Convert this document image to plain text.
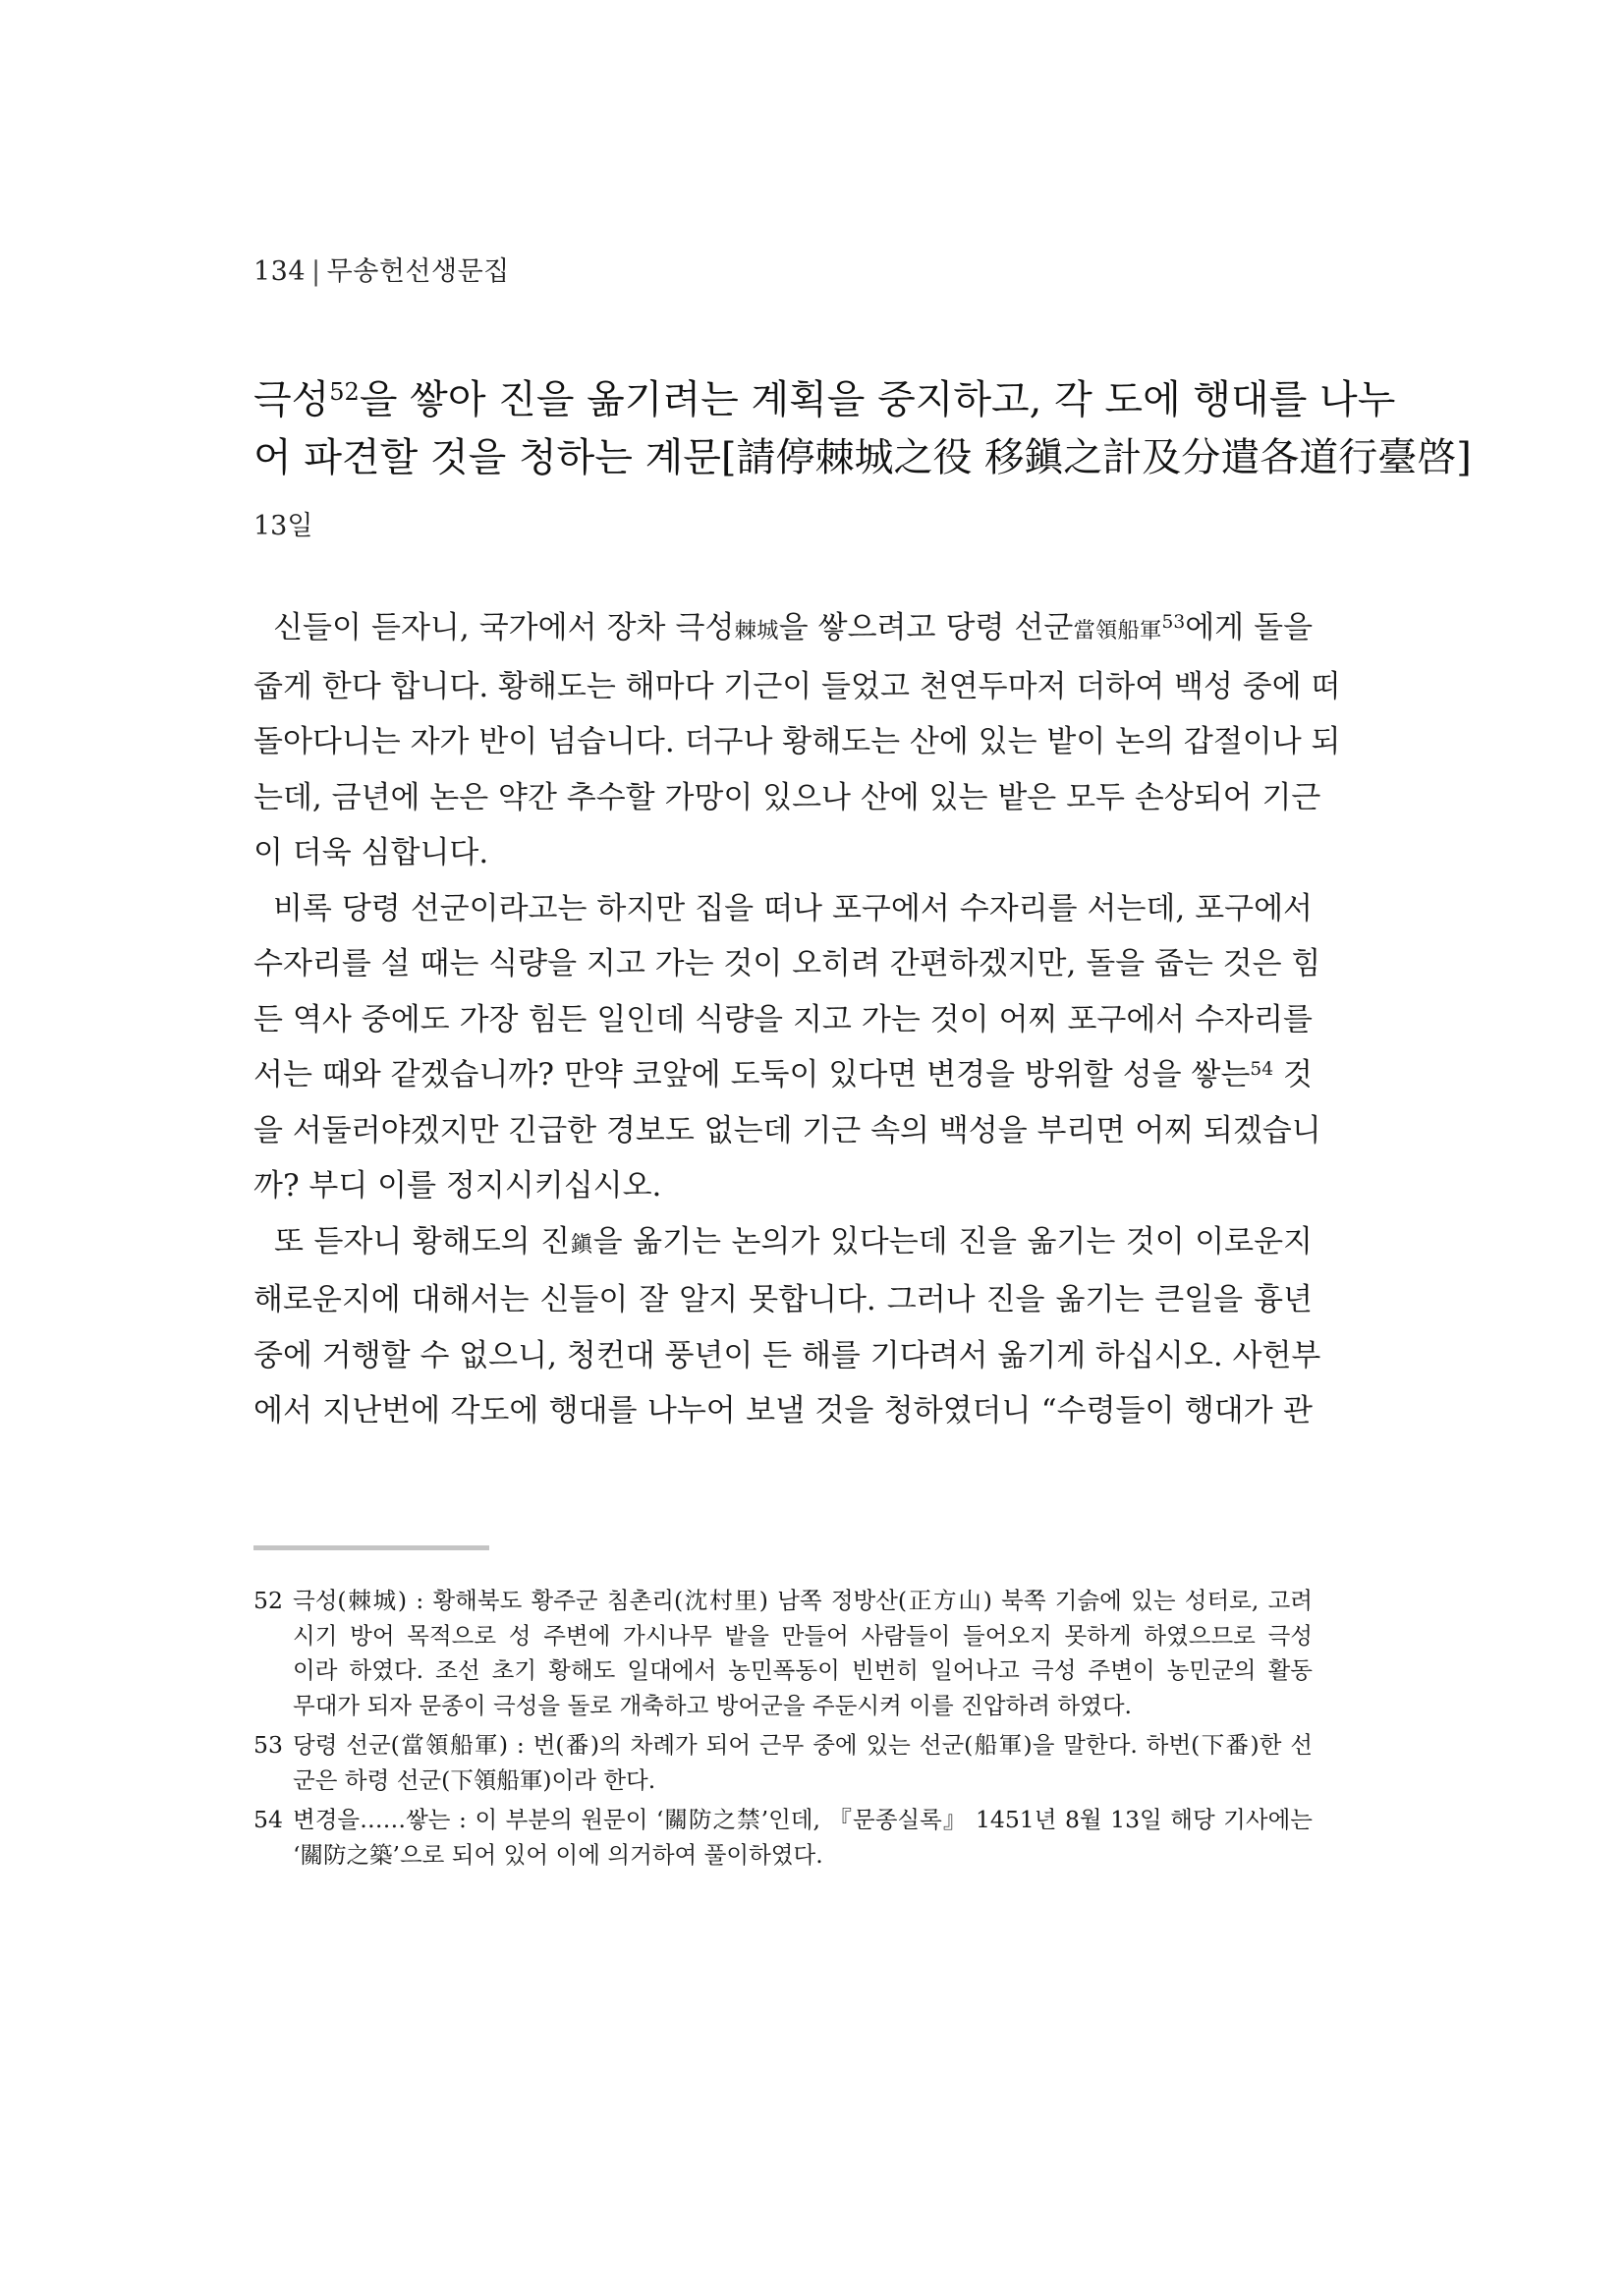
134 | 무송헌선생문집
극성$^{52}$을 쌓아 진을 옮기려는 계획을 중지하고, 각 도에 행대를 나누
어 파견할 것을 청하는 계문[請停棘城之役 移鎭之計及分遣各道行臺啓]
13일
신들이 듣자니, 국가에서 장차 극성棘城을 쌓으려고 당령 선군當領船軍$^{53}$에게 돌을
줍게 한다 합니다. 황해도는 해마다 기근이 들었고 천연두마저 더하여 백성 중에 떠
돌아다니는 자가 반이 넘습니다. 더구나 황해도는 산에 있는 밭이 논의 갑절이나 되
는데, 금년에 논은 약간 추수할 가망이 있으나 산에 있는 밭은 모두 손상되어 기근
이 더욱 심합니다.
비록 당령 선군이라고는 하지만 집을 떠나 포구에서 수자리를 서는데, 포구에서
수자리를 설 때는 식량을 지고 가는 것이 오히려 간편하겠지만, 돌을 줍는 것은 힘
든 역사 중에도 가장 힘든 일인데 식량을 지고 가는 것이 어찌 포구에서 수자리를
서는 때와 같겠습니까? 만약 코앞에 도둑이 있다면 변경을 방위할 성을 쌓는$^{54}$ 것
을 서둘러야겠지만 긴급한 경보도 없는데 기근 속의 백성을 부리면 어찌 되겠습니
까? 부디 이를 정지시키십시오.
또 듣자니 황해도의 진鎭을 옮기는 논의가 있다는데 진을 옮기는 것이 이로운지
해로운지에 대해서는 신들이 잘 알지 못합니다. 그러나 진을 옮기는 큰일을 흉년
중에 거행할 수 없으니, 청컨대 풍년이 든 해를 기다려서 옮기게 하십시오. 사헌부
에서 지난번에 각도에 행대를 나누어 보낼 것을 청하였더니 “수령들이 행대가 관
52 극성(棘城) : 황해북도 황주군 침촌리(沈村里) 남쪽 정방산(正方山) 북쪽 기슭에 있는 성터로, 고려
시기 방어 목적으로 성 주변에 가시나무 밭을 만들어 사람들이 들어오지 못하게 하였으므로 극성
이라 하였다. 조선 초기 황해도 일대에서 농민폭동이 빈번히 일어나고 극성 주변이 농민군의 활동
무대가 되자 문종이 극성을 돌로 개축하고 방어군을 주둔시켜 이를 진압하려 하였다.
53 당령 선군(當領船軍) : 번(番)의 차례가 되어 근무 중에 있는 선군(船軍)을 말한다. 하번(下番)한 선
군은 하령 선군(下領船軍)이라 한다.
54 변경을……쌓는 : 이 부분의 원문이 ‘關防之禁’인데, 『문종실록』 1451년 8월 13일 해당 기사에는
‘關防之築’으로 되어 있어 이에 의거하여 풀이하였다.
